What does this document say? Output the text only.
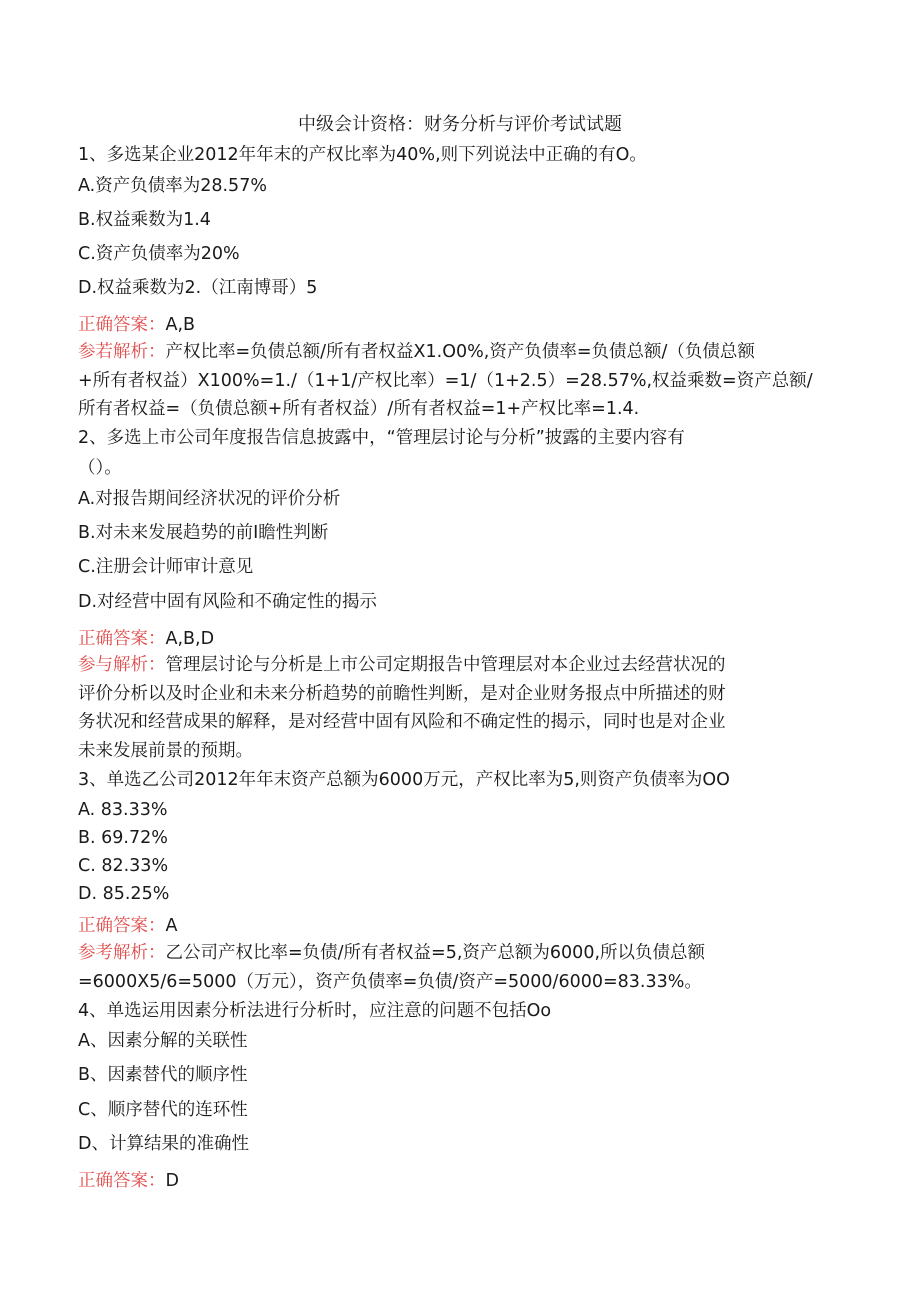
中级会计资格：财务分析与评价考试试题
1、多选某企业2012年年末的产权比率为40%,则下列说法中正确的有O。
A.资产负债率为28.57%
B.权益乘数为1.4
C.资产负债率为20%
D.权益乘数为2.（江南博哥）5
正确答案：A,B
参若解析：产权比率=负债总额/所有者权益X1.O0%,资产负债率=负债总额/（负债总额
+所有者权益）X100%=1./（1+1/产权比率）=1/（1+2.5）=28.57%,权益乘数=资产总额/
所有者权益=（负债总额+所有者权益）/所有者权益=1+产权比率=1.4.
2、多选上市公司年度报告信息披露中，“管理层讨论与分析”披露的主要内容有
（）。
A.对报告期间经济状况的评价分析
B.对未来发展趋势的前I瞻性判断
C.注册会计师审计意见
D.对经营中固有风险和不确定性的揭示
正确答案：A,B,D
参与解析：管理层讨论与分析是上市公司定期报告中管理层对本企业过去经营状况的
评价分析以及时企业和未来分析趋势的前瞻性判断，是对企业财务报点中所描述的财
务状况和经营成果的解释，是对经营中固有风险和不确定性的揭示，同时也是对企业
未来发展前景的预期。
3、单选乙公司2012年年末资产总额为6000万元，产权比率为5,则资产负债率为OO
A. 83.33%
B. 69.72%
C. 82.33%
D. 85.25%
正确答案：A
参考解析：乙公司产权比率=负债/所有者权益=5,资产总额为6000,所以负债总额
=6000X5/6=5000（万元），资产负债率=负债/资产=5000/6000=83.33%。
4、单选运用因素分析法进行分析时，应注意的问题不包括Oo
A、因素分解的关联性
B、因素替代的顺序性
C、顺序替代的连环性
D、计算结果的准确性
正确答案：D
